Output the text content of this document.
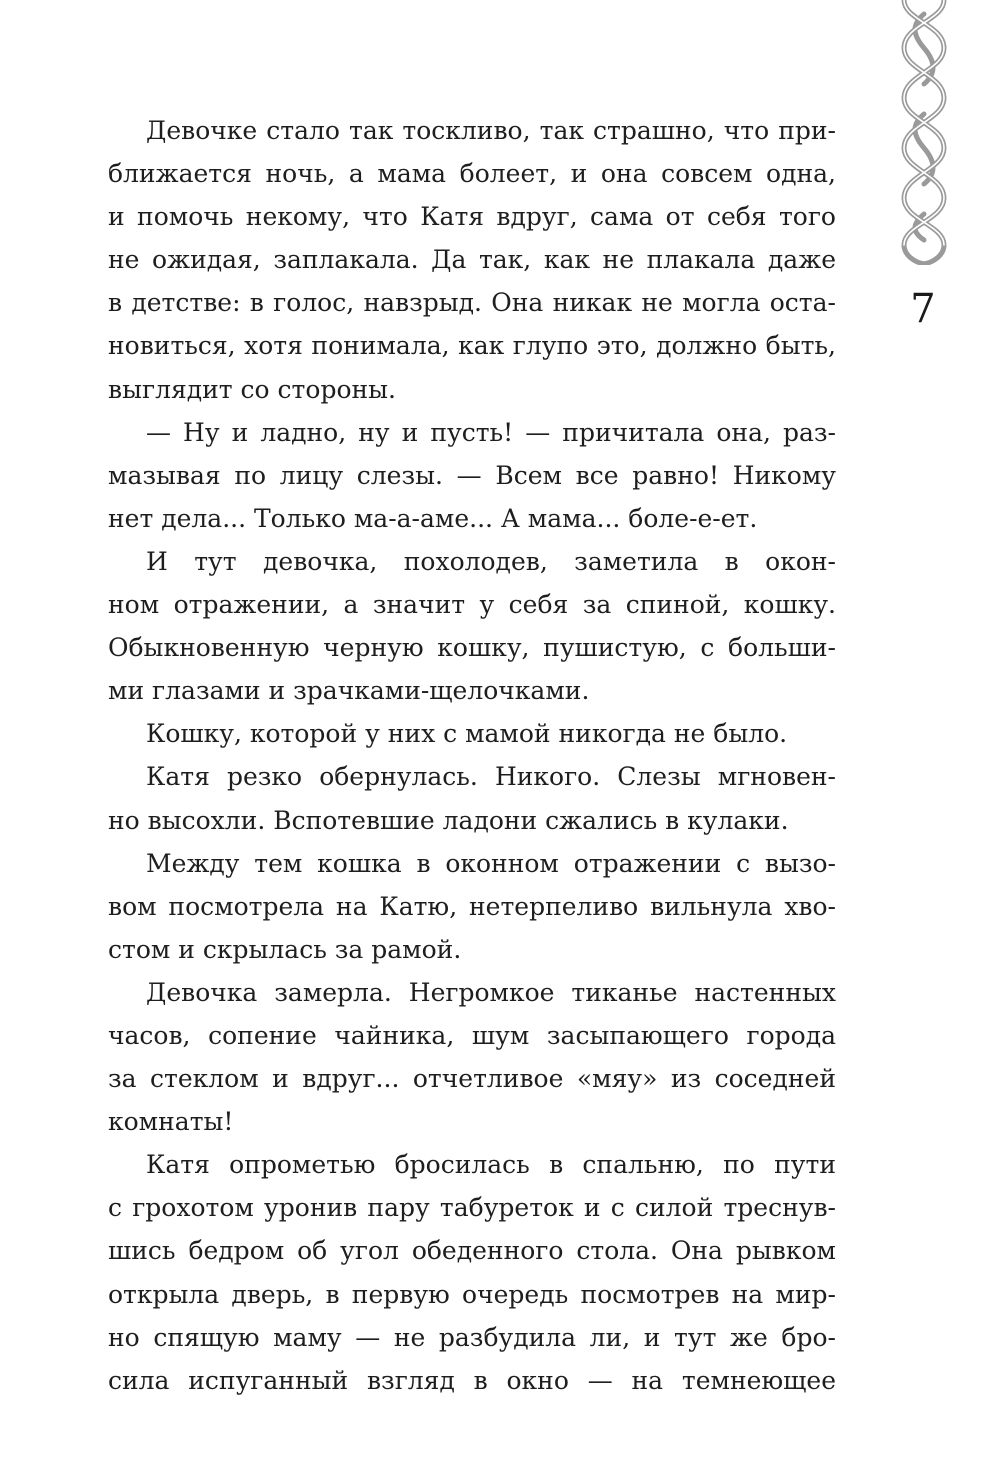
7
Девочке стало так тоскливо, так страшно, что при-
ближается ночь, а мама болеет, и она совсем одна,
и помочь некому, что Катя вдруг, сама от себя того
не ожидая, заплакала. Да так, как не плакала даже
в детстве: в голос, навзрыд. Она никак не могла оста-
новиться, хотя понимала, как глупо это, должно быть,
выглядит со стороны.
— Ну и ладно, ну и пусть! — причитала она, раз-
мазывая по лицу слезы. — Всем все равно! Никому
нет дела... Только ма-а-аме... А мама... боле-е-ет.
И тут девочка, похолодев, заметила в окон-
ном отражении, а значит у себя за спиной, кошку.
Обыкновенную черную кошку, пушистую, с больши-
ми глазами и зрачками-щелочками.
Кошку, которой у них с мамой никогда не было.
Катя резко обернулась. Никого. Слезы мгновен-
но высохли. Вспотевшие ладони сжались в кулаки.
Между тем кошка в оконном отражении с вызо-
вом посмотрела на Катю, нетерпеливо вильнула хво-
стом и скрылась за рамой.
Девочка замерла. Негромкое тиканье настенных
часов, сопение чайника, шум засыпающего города
за стеклом и вдруг... отчетливое «мяу» из соседней
комнаты!
Катя опрометью бросилась в спальню, по пути
с грохотом уронив пару табуреток и с силой треснув-
шись бедром об угол обеденного стола. Она рывком
открыла дверь, в первую очередь посмотрев на мир-
но спящую маму — не разбудила ли, и тут же бро-
сила испуганный взгляд в окно — на темнеющее
